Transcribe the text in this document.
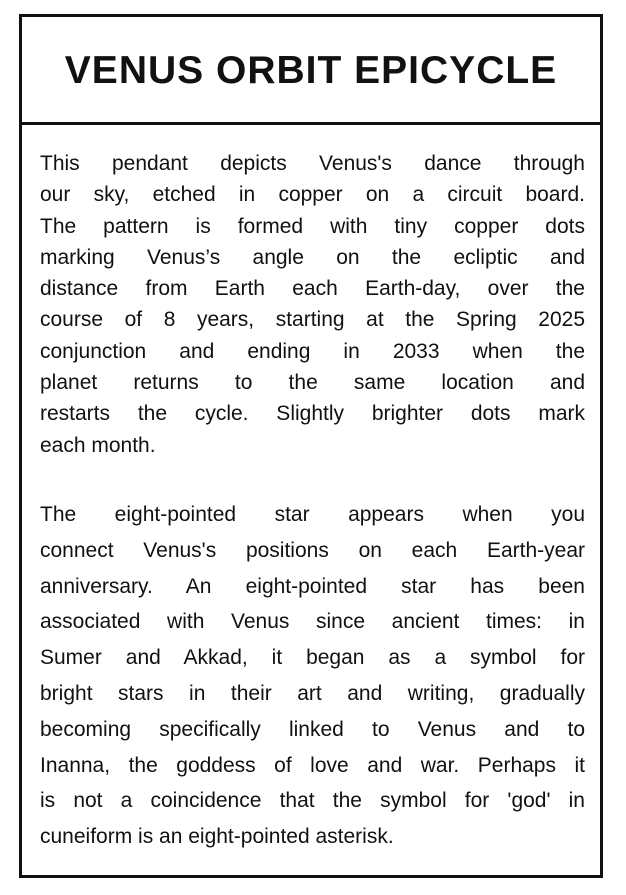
VENUS ORBIT EPICYCLE
This pendant depicts Venus's dance through
our sky, etched in copper on a circuit board.
The pattern is formed with tiny copper dots
marking Venus’s angle on the ecliptic and
distance from Earth each Earth-day, over the
course of 8 years, starting at the Spring 2025
conjunction and ending in 2033 when the
planet returns to the same location and
restarts the cycle. Slightly brighter dots mark
each month.
The eight-pointed star appears when you
connect Venus's positions on each Earth-year
anniversary. An eight-pointed star has been
associated with Venus since ancient times: in
Sumer and Akkad, it began as a symbol for
bright stars in their art and writing, gradually
becoming specifically linked to Venus and to
Inanna, the goddess of love and war. Perhaps it
is not a coincidence that the symbol for 'god' in
cuneiform is an eight-pointed asterisk.
